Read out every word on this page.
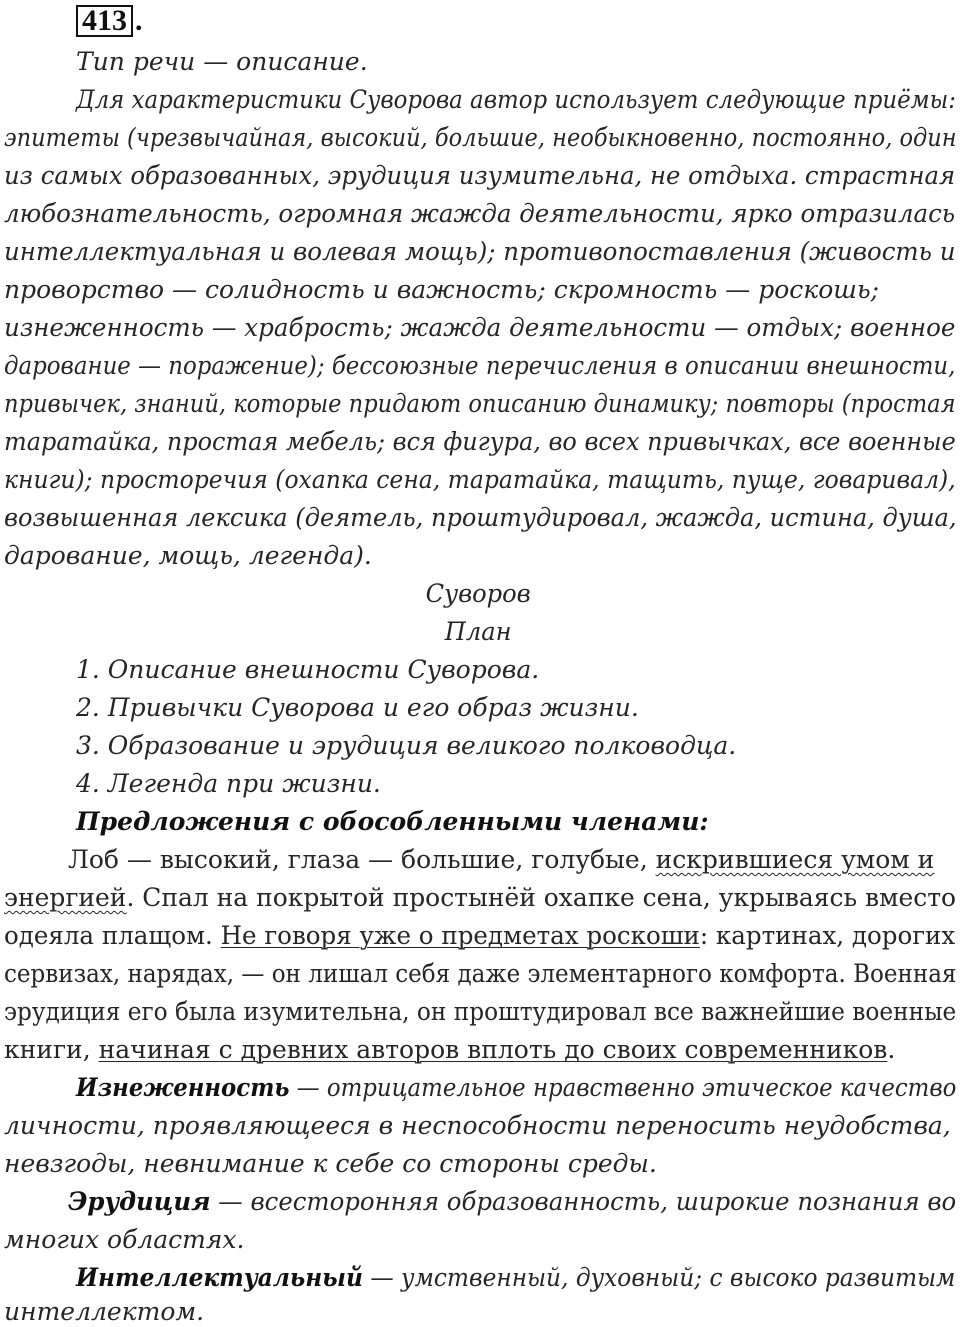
413 .
Тип речи — описание.
Для характеристики Суворова автор использует следующие приёмы:
эпитеты (чрезвычайная, высокий, большие, необыкновенно, постоянно, один
из самых образованных, эрудиция изумительна, не отдыха. страстная
любознательность, огромная жажда деятельности, ярко отразилась
интеллектуальная и волевая мощь); противопоставления (живость и
проворство — солидность и важность; скромность — роскошь;
изнеженность — храбрость; жажда деятельности — отдых; военное
дарование — поражение); бессоюзные перечисления в описании внешности,
привычек, знаний, которые придают описанию динамику; повторы (простая
таратайка, простая мебель; вся фигура, во всех привычках, все военные
книги); просторечия (охапка сена, таратайка, тащить, пуще, говаривал),
возвышенная лексика (деятель, проштудировал, жажда, истина, душа,
дарование, мощь, легенда).
Суворов
План
1. Описание внешности Суворова.
2. Привычки Суворова и его образ жизни.
3. Образование и эрудиция великого полководца.
4. Легенда при жизни.
Предложения с обособленными членами:
Лоб — высокий, глаза — большие, голубые, искрившиеся умом и
энергией. Спал на покрытой простынёй охапке сена, укрываясь вместо
одеяла плащом. Не говоря уже о предметах роскоши: картинах, дорогих
сервизах, нарядах, — он лишал себя даже элементарного комфорта. Военная
эрудиция его была изумительна, он проштудировал все важнейшие военные
книги, начиная с древних авторов вплоть до своих современников.
Изнеженность — отрицательное нравственно этическое качество
личности, проявляющееся в неспособности переносить неудобства,
невзгоды, невнимание к себе со стороны среды.
Эрудиция — всесторонняя образованность, широкие познания во
многих областях.
Интеллектуальный — умственный, духовный; с высоко развитым
интеллектом.
